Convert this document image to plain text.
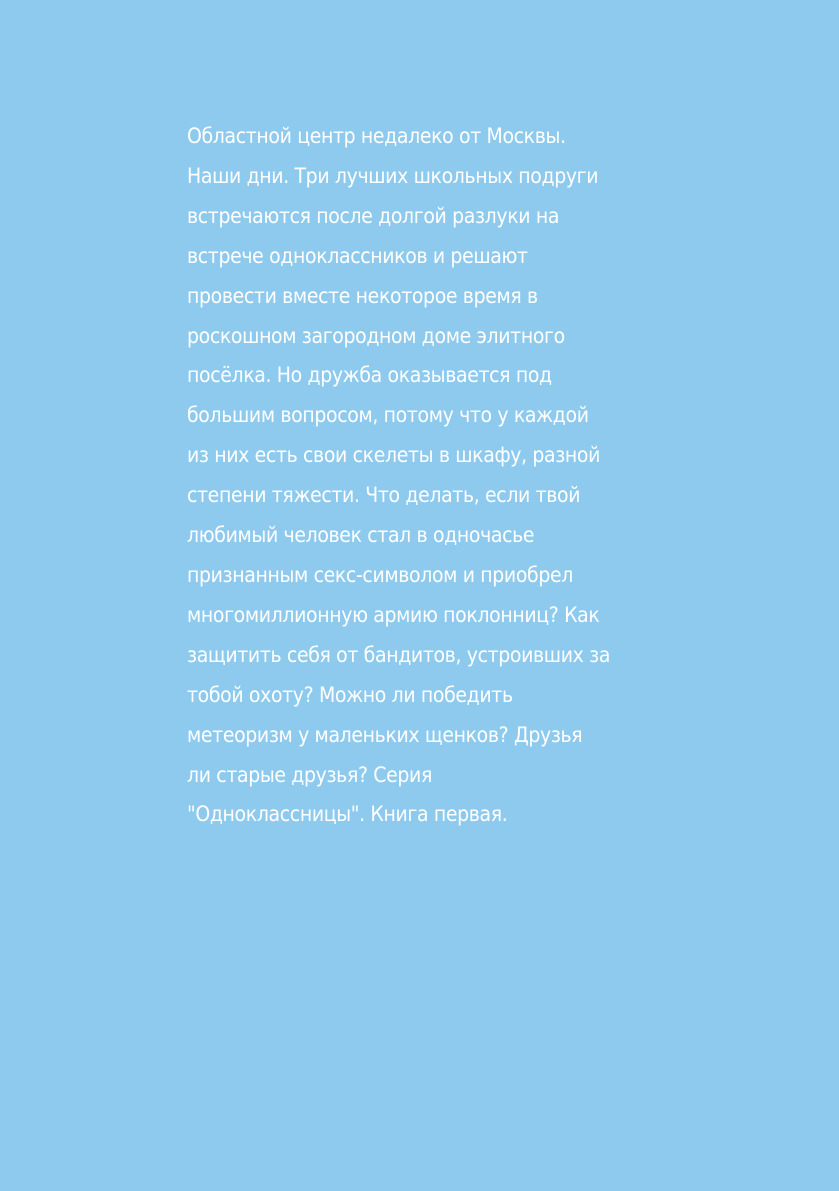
Областной центр недалеко от Москвы.
Наши дни. Три лучших школьных подруги
встречаются после долгой разлуки на
встрече одноклассников и решают
провести вместе некоторое время в
роскошном загородном доме элитного
посёлка. Но дружба оказывается под
большим вопросом, потому что у каждой
из них есть свои скелеты в шкафу, разной
степени тяжести. Что делать, если твой
любимый человек стал в одночасье
признанным секс-символом и приобрел
многомиллионную армию поклонниц? Как
защитить себя от бандитов, устроивших за
тобой охоту? Можно ли победить
метеоризм у маленьких щенков? Друзья
ли старые друзья? Серия
"Одноклассницы". Книга первая.
